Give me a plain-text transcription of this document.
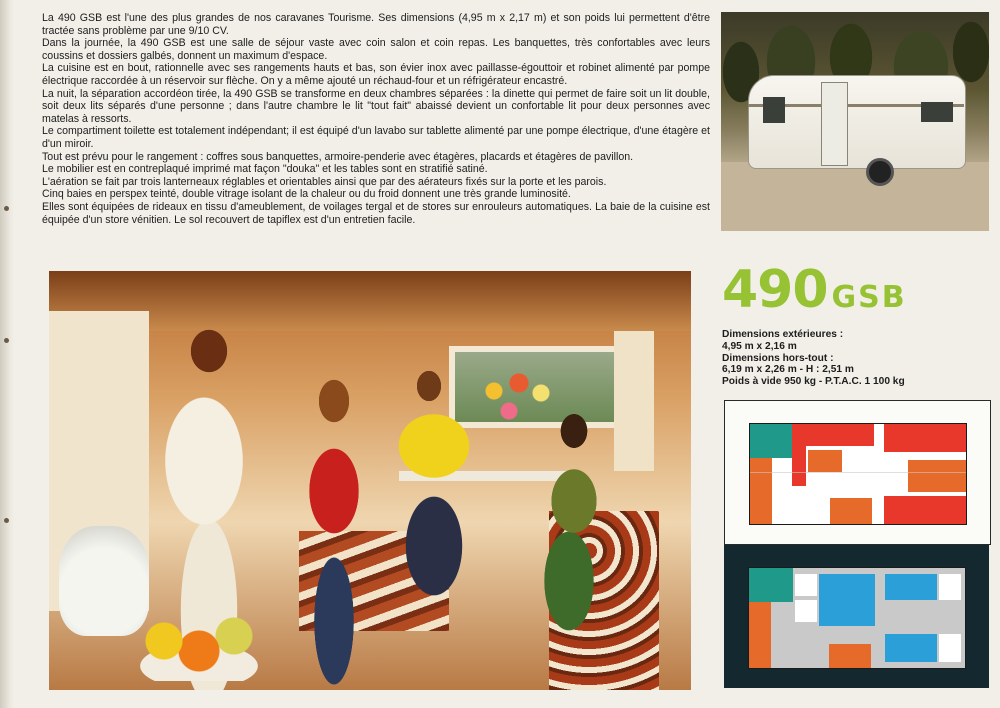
La 490 GSB est l'une des plus grandes de nos caravanes Tourisme. Ses dimensions (4,95 m x 2,17 m) et son poids lui permettent d'être tractée sans problème par une 9/10 CV.

Dans la journée, la 490 GSB est une salle de séjour vaste avec coin salon et coin repas. Les banquettes, très confortables avec leurs coussins et dossiers galbés, donnent un maximum d'espace.

La cuisine est en bout, rationnelle avec ses rangements hauts et bas, son évier inox avec paillasse-égouttoir et robinet alimenté par pompe électrique raccordée à un réservoir sur flèche. On y a même ajouté un réchaud-four et un réfrigérateur encastré.

La nuit, la séparation accordéon tirée, la 490 GSB se transforme en deux chambres séparées : la dinette qui permet de faire soit un lit double, soit deux lits séparés d'une personne ; dans l'autre chambre le lit "tout fait" abaissé devient un confortable lit pour deux personnes avec matelas à ressorts.

Le compartiment toilette est totalement indépendant; il est équipé d'un lavabo sur tablette alimenté par une pompe électrique, d'une étagère et d'un miroir.

Tout est prévu pour le rangement : coffres sous banquettes, armoire-penderie avec étagères, placards et étagères de pavillon.

Le mobilier est en contreplaqué imprimé mat façon "douka" et les tables sont en stratifié satiné.

L'aération se fait par trois lanterneaux réglables et orientables ainsi que par des aérateurs fixés sur la porte et les parois.

Cinq baies en perspex teinté, double vitrage isolant de la chaleur ou du froid donnent une très grande luminosité.

Elles sont équipées de rideaux en tissu d'ameublement, de voilages tergal et de stores sur enrouleurs automatiques. La baie de la cuisine est équipée d'un store vénitien. Le sol recouvert de tapiflex est d'un entretien facile.

490 GSB
Dimensions extérieures :
4,95 m x 2,16 m
Dimensions hors-tout :
6,19 m x 2,26 m - H : 2,51 m
Poids à vide 950 kg - P.T.A.C. 1 100 kg
